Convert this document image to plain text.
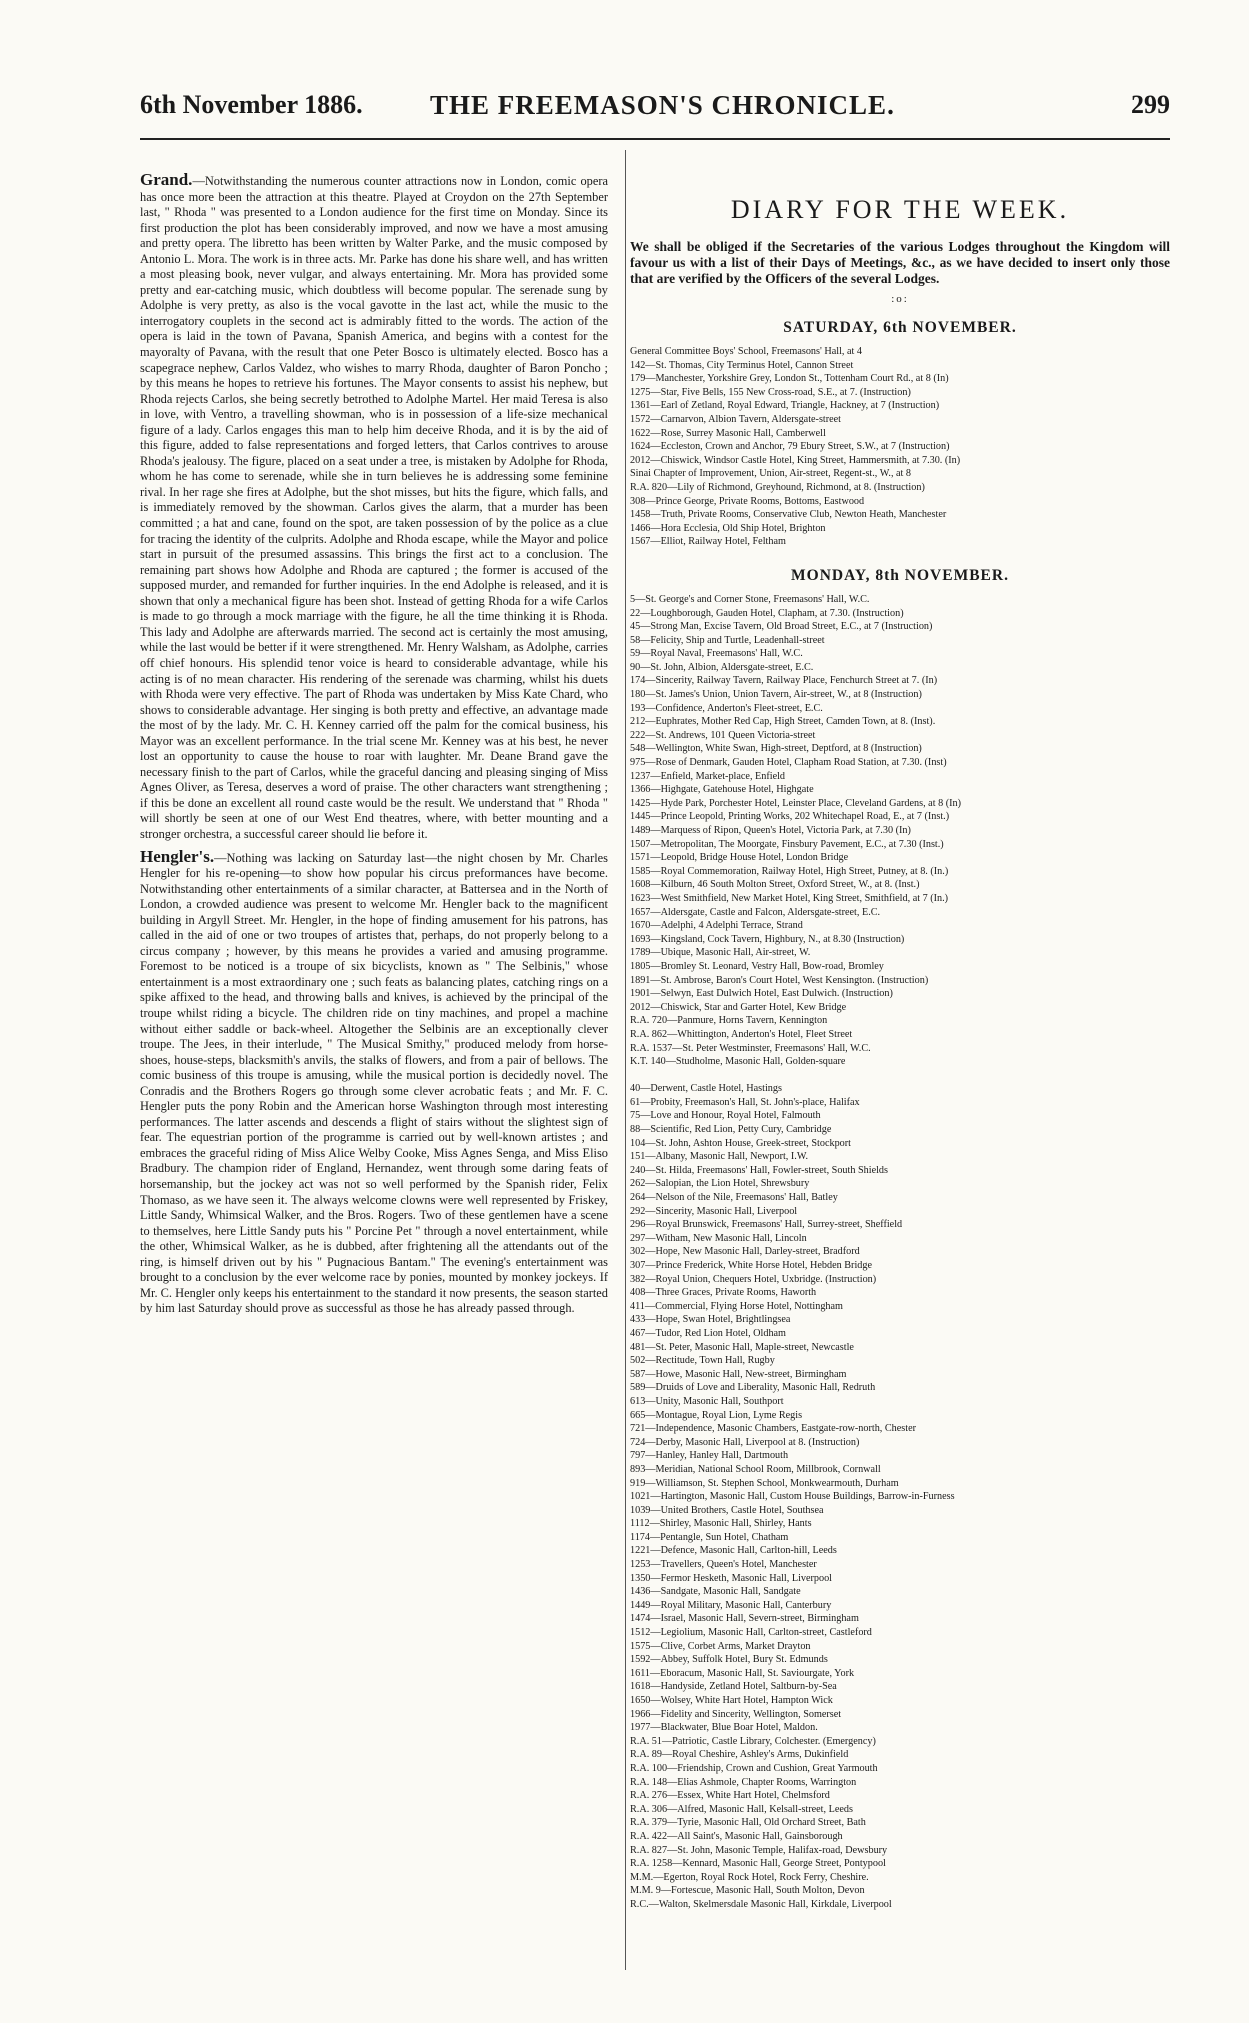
6th November 1886. THE FREEMASON'S CHRONICLE.	299

Grand.—Notwithstanding the numerous counter attractions now in London, comic opera has once more been the attraction at this theatre. Played at Croydon on the 27th September last, " Rhoda " was presented to a London audience for the first time on Monday. Since its first production the plot has been considerably improved, and now we have a most amusing and pretty opera. The libretto has been written by Walter Parke, and the music composed by Antonio L. Mora. The work is in three acts. Mr. Parke has done his share well, and has written a most pleasing book, never vulgar, and always entertaining. Mr. Mora has provided some pretty and ear-catching music, which doubtless will become popular. The serenade sung by Adolphe is very pretty, as also is the vocal gavotte in the last act, while the music to the interrogatory couplets in the second act is admirably fitted to the words. The action of the opera is laid in the town of Pavana, Spanish America, and begins with a contest for the mayoralty of Pavana, with the result that one Peter Bosco is ultimately elected. Bosco has a scapegrace nephew, Carlos Valdez, who wishes to marry Rhoda, daughter of Baron Poncho ; by this means he hopes to retrieve his fortunes. The Mayor consents to assist his nephew, but Rhoda rejects Carlos, she being secretly betrothed to Adolphe Martel. Her maid Teresa is also in love, with Ventro, a travelling showman, who is in possession of a life-size mechanical figure of a lady. Carlos engages this man to help him deceive Rhoda, and it is by the aid of this figure, added to false representations and forged letters, that Carlos contrives to arouse Rhoda's jealousy. The figure, placed on a seat under a tree, is mistaken by Adolphe for Rhoda, whom he has come to serenade, while she in turn believes he is addressing some feminine rival. In her rage she fires at Adolphe, but the shot misses, but hits the figure, which falls, and is immediately removed by the showman. Carlos gives the alarm, that a murder has been committed ; a hat and cane, found on the spot, are taken possession of by the police as a clue for tracing the identity of the culprits. Adolphe and Rhoda escape, while the Mayor and police start in pursuit of the presumed assassins. This brings the first act to a conclusion. The remaining part shows how Adolphe and Rhoda are captured ; the former is accused of the supposed murder, and remanded for further inquiries. In the end Adolphe is released, and it is shown that only a mechanical figure has been shot. Instead of getting Rhoda for a wife Carlos is made to go through a mock marriage with the figure, he all the time thinking it is Rhoda. This lady and Adolphe are afterwards married. The second act is certainly the most amusing, while the last would be better if it were strengthened. Mr. Henry Walsham, as Adolphe, carries off chief honours. His splendid tenor voice is heard to considerable advantage, while his acting is of no mean character. His rendering of the serenade was charming, whilst his duets with Rhoda were very effective. The part of Rhoda was undertaken by Miss Kate Chard, who shows to considerable advantage. Her singing is both pretty and effective, an advantage made the most of by the lady. Mr. C. H. Kenney carried off the palm for the comical business, his Mayor was an excellent performance. In the trial scene Mr. Kenney was at his best, he never lost an opportunity to cause the house to roar with laughter. Mr. Deane Brand gave the necessary finish to the part of Carlos, while the graceful dancing and pleasing singing of Miss Agnes Oliver, as Teresa, deserves a word of praise. The other characters want strengthening ; if this be done an excellent all round caste would be the result. We understand that " Rhoda " will shortly be seen at one of our West End theatres, where, with better mounting and a stronger orchestra, a successful career should lie before it.

Hengler's.—Nothing was lacking on Saturday last—the night chosen by Mr. Charles Hengler for his re-opening—to show how popular his circus preformances have become. Notwithstanding other entertainments of a similar character, at Battersea and in the North of London, a crowded audience was present to welcome Mr. Hengler back to the magnificent building in Argyll Street. Mr. Hengler, in the hope of finding amusement for his patrons, has called in the aid of one or two troupes of artistes that, perhaps, do not properly belong to a circus company ; however, by this means he provides a varied and amusing programme. Foremost to be noticed is a troupe of six bicyclists, known as " The Selbinis," whose entertainment is a most extraordinary one ; such feats as balancing plates, catching rings on a spike affixed to the head, and throwing balls and knives, is achieved by the principal of the troupe whilst riding a bicycle. The children ride on tiny machines, and propel a machine without either saddle or back-wheel. Altogether the Selbinis are an exceptionally clever troupe. The Jees, in their interlude, " The Musical Smithy," produced melody from horse-shoes, house-steps, blacksmith's anvils, the stalks of flowers, and from a pair of bellows. The comic business of this troupe is amusing, while the musical portion is decidedly novel. The Conradis and the Brothers Rogers go through some clever acrobatic feats ; and Mr. F. C. Hengler puts the pony Robin and the American horse Washington through most interesting performances. The latter ascends and descends a flight of stairs without the slightest sign of fear. The equestrian portion of the programme is carried out by well-known artistes ; and embraces the graceful riding of Miss Alice Welby Cooke, Miss Agnes Senga, and Miss Eliso Bradbury. The champion rider of England, Hernandez, went through some daring feats of horsemanship, but the jockey act was not so well performed by the Spanish rider, Felix Thomaso, as we have seen it. The always welcome clowns were well represented by Friskey, Little Sandy, Whimsical Walker, and the Bros. Rogers. Two of these gentlemen have a scene to themselves, here Little Sandy puts his " Porcine Pet " through a novel entertainment, while the other, Whimsical Walker, as he is dubbed, after frightening all the attendants out of the ring, is himself driven out by his " Pugnacious Bantam." The evening's entertainment was brought to a conclusion by the ever welcome race by ponies, mounted by monkey jockeys. If Mr. C. Hengler only keeps his entertainment to the standard it now presents, the season started by him last Saturday should prove as successful as those he has already passed through.

DIARY FOR THE WEEK.

We shall be obliged if the Secretaries of the various Lodges throughout the Kingdom will favour us with a list of their Days of Meetings, &c., as we have decided to insert only those that are verified by the Officers of the several Lodges.

:o:
SATURDAY, 6th NOVEMBER.
General Committee Boys' School, Freemasons' Hall, at 4
142—St. Thomas, City Terminus Hotel, Cannon Street
179—Manchester, Yorkshire Grey, London St., Tottenham Court Rd., at 8 (In)
1275—Star, Five Bells, 155 New Cross-road, S.E., at 7. (Instruction)
1361—Earl of Zetland, Royal Edward, Triangle, Hackney, at 7 (Instruction)
1572—Carnarvon, Albion Tavern, Aldersgate-street
1622—Rose, Surrey Masonic Hall, Camberwell
1624—Eccleston, Crown and Anchor, 79 Ebury Street, S.W., at 7 (Instruction)
2012—Chiswick, Windsor Castle Hotel, King Street, Hammersmith, at 7.30. (In)
Sinai Chapter of Improvement, Union, Air-street, Regent-st., W., at 8
R.A. 820—Lily of Richmond, Greyhound, Richmond, at 8. (Instruction)
308—Prince George, Private Rooms, Bottoms, Eastwood
1458—Truth, Private Rooms, Conservative Club, Newton Heath, Manchester
1466—Hora Ecclesia, Old Ship Hotel, Brighton
1567—Elliot, Railway Hotel, Feltham
MONDAY, 8th NOVEMBER.
5—St. George's and Corner Stone, Freemasons' Hall, W.C.
22—Loughborough, Gauden Hotel, Clapham, at 7.30. (Instruction)
45—Strong Man, Excise Tavern, Old Broad Street, E.C., at 7 (Instruction)
58—Felicity, Ship and Turtle, Leadenhall-street
59—Royal Naval, Freemasons' Hall, W.C.
90—St. John, Albion, Aldersgate-street, E.C.
174—Sincerity, Railway Tavern, Railway Place, Fenchurch Street at 7. (In)
180—St. James's Union, Union Tavern, Air-street, W., at 8 (Instruction)
193—Confidence, Anderton's Fleet-street, E.C.
212—Euphrates, Mother Red Cap, High Street, Camden Town, at 8. (Inst).
222—St. Andrews, 101 Queen Victoria-street
548—Wellington, White Swan, High-street, Deptford, at 8 (Instruction)
975—Rose of Denmark, Gauden Hotel, Clapham Road Station, at 7.30. (Inst)
1237—Enfield, Market-place, Enfield
1366—Highgate, Gatehouse Hotel, Highgate
1425—Hyde Park, Porchester Hotel, Leinster Place, Cleveland Gardens, at 8 (In)
1445—Prince Leopold, Printing Works, 202 Whitechapel Road, E., at 7 (Inst.)
1489—Marquess of Ripon, Queen's Hotel, Victoria Park, at 7.30 (In)
1507—Metropolitan, The Moorgate, Finsbury Pavement, E.C., at 7.30 (Inst.)
1571—Leopold, Bridge House Hotel, London Bridge
1585—Royal Commemoration, Railway Hotel, High Street, Putney, at 8. (In.)
1608—Kilburn, 46 South Molton Street, Oxford Street, W., at 8. (Inst.)
1623—West Smithfield, New Market Hotel, King Street, Smithfield, at 7 (In.)
1657—Aldersgate, Castle and Falcon, Aldersgate-street, E.C.
1670—Adelphi, 4 Adelphi Terrace, Strand
1693—Kingsland, Cock Tavern, Highbury, N., at 8.30 (Instruction)
1789—Ubique, Masonic Hall, Air-street, W.
1805—Bromley St. Leonard, Vestry Hall, Bow-road, Bromley
1891—St. Ambrose, Baron's Court Hotel, West Kensington. (Instruction)
1901—Selwyn, East Dulwich Hotel, East Dulwich. (Instruction)
2012—Chiswick, Star and Garter Hotel, Kew Bridge
R.A. 720—Panmure, Horns Tavern, Kennington
R.A. 862—Whittington, Anderton's Hotel, Fleet Street
R.A. 1537—St. Peter Westminster, Freemasons' Hall, W.C.
K.T. 140—Studholme, Masonic Hall, Golden-square

40—Derwent, Castle Hotel, Hastings
61—Probity, Freemason's Hall, St. John's-place, Halifax
75—Love and Honour, Royal Hotel, Falmouth
88—Scientific, Red Lion, Petty Cury, Cambridge
104—St. John, Ashton House, Greek-street, Stockport
151—Albany, Masonic Hall, Newport, I.W.
240—St. Hilda, Freemasons' Hall, Fowler-street, South Shields
262—Salopian, the Lion Hotel, Shrewsbury
264—Nelson of the Nile, Freemasons' Hall, Batley
292—Sincerity, Masonic Hall, Liverpool
296—Royal Brunswick, Freemasons' Hall, Surrey-street, Sheffield
297—Witham, New Masonic Hall, Lincoln
302—Hope, New Masonic Hall, Darley-street, Bradford
307—Prince Frederick, White Horse Hotel, Hebden Bridge
382—Royal Union, Chequers Hotel, Uxbridge. (Instruction)
408—Three Graces, Private Rooms, Haworth
411—Commercial, Flying Horse Hotel, Nottingham
433—Hope, Swan Hotel, Brightlingsea
467—Tudor, Red Lion Hotel, Oldham
481—St. Peter, Masonic Hall, Maple-street, Newcastle
502—Rectitude, Town Hall, Rugby
587—Howe, Masonic Hall, New-street, Birmingham
589—Druids of Love and Liberality, Masonic Hall, Redruth
613—Unity, Masonic Hall, Southport
665—Montague, Royal Lion, Lyme Regis
721—Independence, Masonic Chambers, Eastgate-row-north, Chester
724—Derby, Masonic Hall, Liverpool at 8. (Instruction)
797—Hanley, Hanley Hall, Dartmouth
893—Meridian, National School Room, Millbrook, Cornwall
919—Williamson, St. Stephen School, Monkwearmouth, Durham
1021—Hartington, Masonic Hall, Custom House Buildings, Barrow-in-Furness
1039—United Brothers, Castle Hotel, Southsea
1112—Shirley, Masonic Hall, Shirley, Hants
1174—Pentangle, Sun Hotel, Chatham
1221—Defence, Masonic Hall, Carlton-hill, Leeds
1253—Travellers, Queen's Hotel, Manchester
1350—Fermor Hesketh, Masonic Hall, Liverpool
1436—Sandgate, Masonic Hall, Sandgate
1449—Royal Military, Masonic Hall, Canterbury
1474—Israel, Masonic Hall, Severn-street, Birmingham
1512—Legiolium, Masonic Hall, Carlton-street, Castleford
1575—Clive, Corbet Arms, Market Drayton
1592—Abbey, Suffolk Hotel, Bury St. Edmunds
1611—Eboracum, Masonic Hall, St. Saviourgate, York
1618—Handyside, Zetland Hotel, Saltburn-by-Sea
1650—Wolsey, White Hart Hotel, Hampton Wick
1966—Fidelity and Sincerity, Wellington, Somerset
1977—Blackwater, Blue Boar Hotel, Maldon.
R.A. 51—Patriotic, Castle Library, Colchester. (Emergency)
R.A. 89—Royal Cheshire, Ashley's Arms, Dukinfield
R.A. 100—Friendship, Crown and Cushion, Great Yarmouth
R.A. 148—Elias Ashmole, Chapter Rooms, Warrington
R.A. 276—Essex, White Hart Hotel, Chelmsford
R.A. 306—Alfred, Masonic Hall, Kelsall-street, Leeds
R.A. 379—Tyrie, Masonic Hall, Old Orchard Street, Bath
R.A. 422—All Saint's, Masonic Hall, Gainsborough
R.A. 827—St. John, Masonic Temple, Halifax-road, Dewsbury
R.A. 1258—Kennard, Masonic Hall, George Street, Pontypool
M.M.—Egerton, Royal Rock Hotel, Rock Ferry, Cheshire.
M.M. 9—Fortescue, Masonic Hall, South Molton, Devon
R.C.—Walton, Skelmersdale Masonic Hall, Kirkdale, Liverpool
